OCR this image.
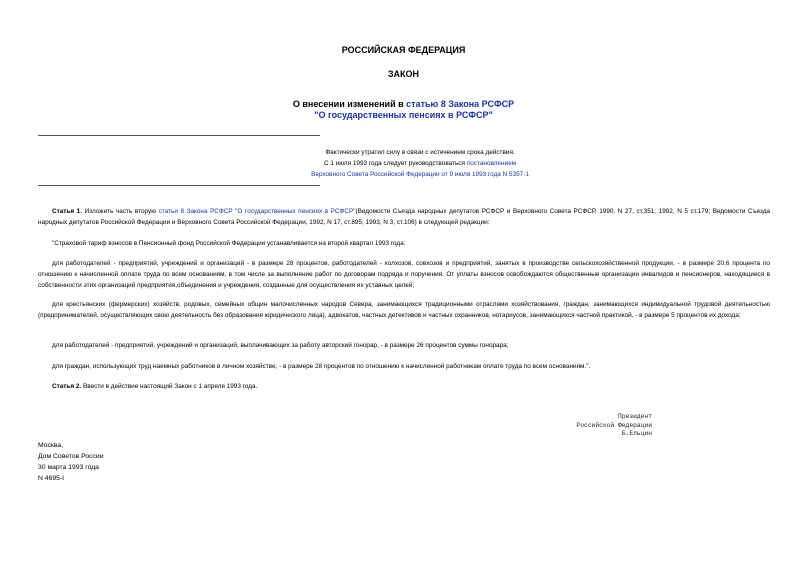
РОССИЙСКАЯ ФЕДЕРАЦИЯ
ЗАКОН
О внесении изменений в статью 8 Закона РСФСР
"О государственных пенсиях в РСФСР"
Фактически утратил силу в связи с истечением срока действия.
С 1 июля 1993 года следует руководствоваться постановлением
Верховного Совета Российской Федерации от 9 июля 1993 года N 5357-1

Статья 1. Изложить часть вторую статьи 8 Закона РСФСР "О государственных пенсиях в РСФСР"(Ведомости Съезда народных депутатов РСФСР и Верховного Совета РСФСР, 1990, N 27, ст.351; 1992, N 5 ст.179; Ведомости Съезда народных депутатов Российской Федерации и Верховного Совета Российской Федерации, 1992, N 17, ст.895; 1993, N 3, ст.106) в следующей редакции:

"Страховой тариф взносов в Пенсионный фонд Российской Федерации устанавливается на второй квартал 1993 года:

для работодателей - предприятий, учреждений и организаций - в размере 28 процентов, работодателей - колхозов, совхозов и предприятий, занятых в производстве сельскохозяйственной продукции, - в размере 20,6 процента по отношению к начисленной оплате труда по всем основаниям, в том числе за выполнение работ по договорам подряда и поручения. От уплаты взносов освобождаются общественные организации инвалидов и пенсионеров, находящиеся в собственности этих организаций предприятия,объединения и учреждения, созданные для осуществления их уставных целей;

для крестьянских (фермерских) хозяйств, родовых, семейных общин малочисленных народов Севера, занимающихся традиционными отраслями хозяйствования, граждан, занимающихся индивидуальной трудовой деятельностью (предпринимателей, осуществляющих свою деятельность без образования юридического лица), адвокатов, частных детективов и частных охранников, нотариусов, занимающихся частной практикой, - в размере 5 процентов их дохода;

для работодателей - предприятий, учреждений и организаций, выплачивающих за работу авторский гонорар, - в размере 26 процентов суммы гонорара;

для граждан, использующих труд наемных работников в личном хозяйстве, - в размере 28 процентов по отношению к начисленной работникам оплате труда по всем основаниям.".

Статья 2. Ввести в действие настоящий Закон с 1 апреля 1993 года.

Президент
Российской Федерации
Б.Ельцин
Москва,
Дом Советов России
30 марта 1993 года
N 4695-I
